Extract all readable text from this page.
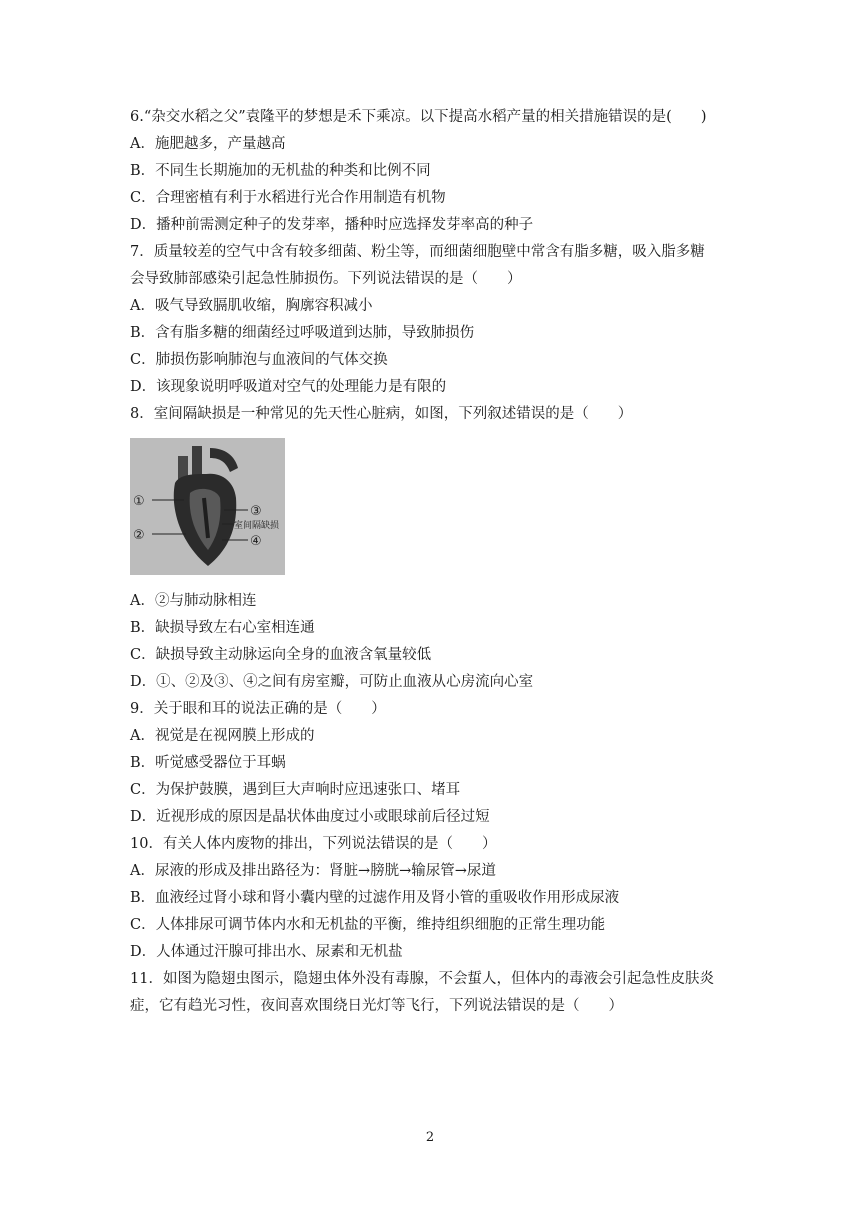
6.“杂交水稻之父”袁隆平的梦想是禾下乘凉。以下提高水稻产量的相关措施错误的是(　　)
A．施肥越多，产量越高
B．不同生长期施加的无机盐的种类和比例不同
C．合理密植有利于水稻进行光合作用制造有机物
D．播种前需测定种子的发芽率，播种时应选择发芽率高的种子
7．质量较差的空气中含有较多细菌、粉尘等，而细菌细胞壁中常含有脂多糖，吸入脂多糖
会导致肺部感染引起急性肺损伤。下列说法错误的是（　　）
A．吸气导致膈肌收缩，胸廓容积减小
B．含有脂多糖的细菌经过呼吸道到达肺，导致肺损伤
C．肺损伤影响肺泡与血液间的气体交换
D．该现象说明呼吸道对空气的处理能力是有限的
8．室间隔缺损是一种常见的先天性心脏病，如图，下列叙述错误的是（　　）
①
②
③
室间隔缺损
④
A．②与肺动脉相连
B．缺损导致左右心室相连通
C．缺损导致主动脉运向全身的血液含氧量较低
D．①、②及③、④之间有房室瓣，可防止血液从心房流向心室
9．关于眼和耳的说法正确的是（　　）
A．视觉是在视网膜上形成的
B．听觉感受器位于耳蜗
C．为保护鼓膜，遇到巨大声响时应迅速张口、堵耳
D．近视形成的原因是晶状体曲度过小或眼球前后径过短
10．有关人体内废物的排出，下列说法错误的是（　　）
A．尿液的形成及排出路径为：肾脏→膀胱→输尿管→尿道
B．血液经过肾小球和肾小囊内壁的过滤作用及肾小管的重吸收作用形成尿液
C．人体排尿可调节体内水和无机盐的平衡，维持组织细胞的正常生理功能
D．人体通过汗腺可排出水、尿素和无机盐
11．如图为隐翅虫图示，隐翅虫体外没有毒腺，不会蜇人，但体内的毒液会引起急性皮肤炎
症，它有趋光习性，夜间喜欢围绕日光灯等飞行，下列说法错误的是（　　）
2
